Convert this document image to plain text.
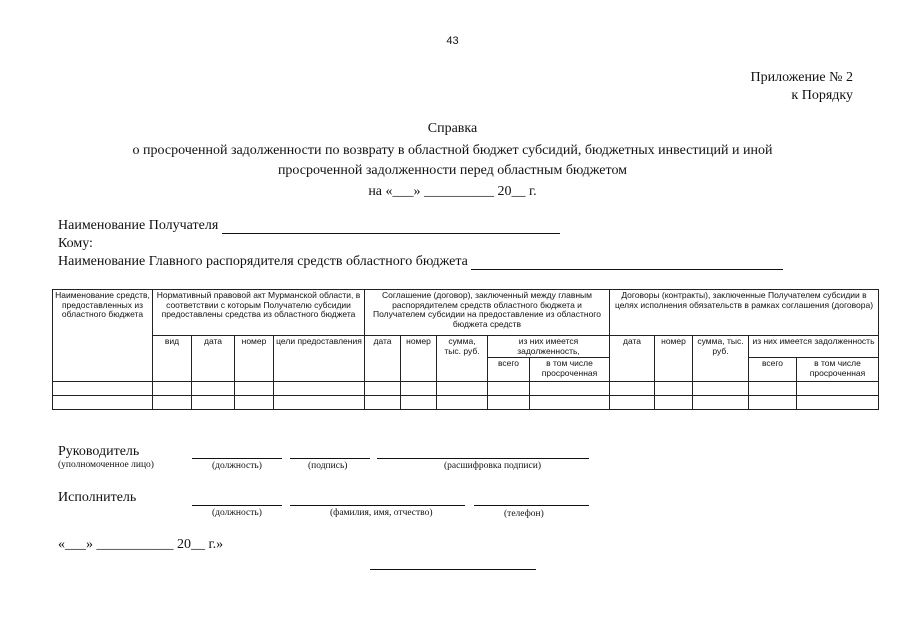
43
Приложение № 2
к Порядку
Справка
о просроченной задолженности по возврату в областной бюджет субсидий, бюджетных инвестиций и иной
просроченной задолженности перед областным бюджетом
на «___» __________ 20__ г.
Наименование Получателя
Кому:
Наименование Главного распорядителя средств областного бюджета
Наименование средств, предоставленных из областного бюджета	Нормативный правовой акт Мурманской области, в соответствии с которым Получателю субсидии предоставлены средства из областного бюджета				Соглашение (договор), заключенный между главным распорядителем средств областного бюджета и Получателем субсидии на предоставление из областного бюджета средств					Договоры (контракты), заключенные Получателем субсидии в целях исполнения обязательств в рамках соглашения (договора)				
	вид	дата	номер	цели предоставления	дата	номер	сумма, тыс. руб.	из них имеется задолженность,		дата	номер	сумма, тыс. руб.	из них имеется задолженность	
								всего	в том числе просроченная				всего	в том числе просроченная

Руководитель
(уполномоченное лицо)	(должность)	(подпись)	(расшифровка подписи)
Исполнитель
(должность)	(фамилия, имя, отчество)	(телефон)
«___» ___________ 20__ г.»
